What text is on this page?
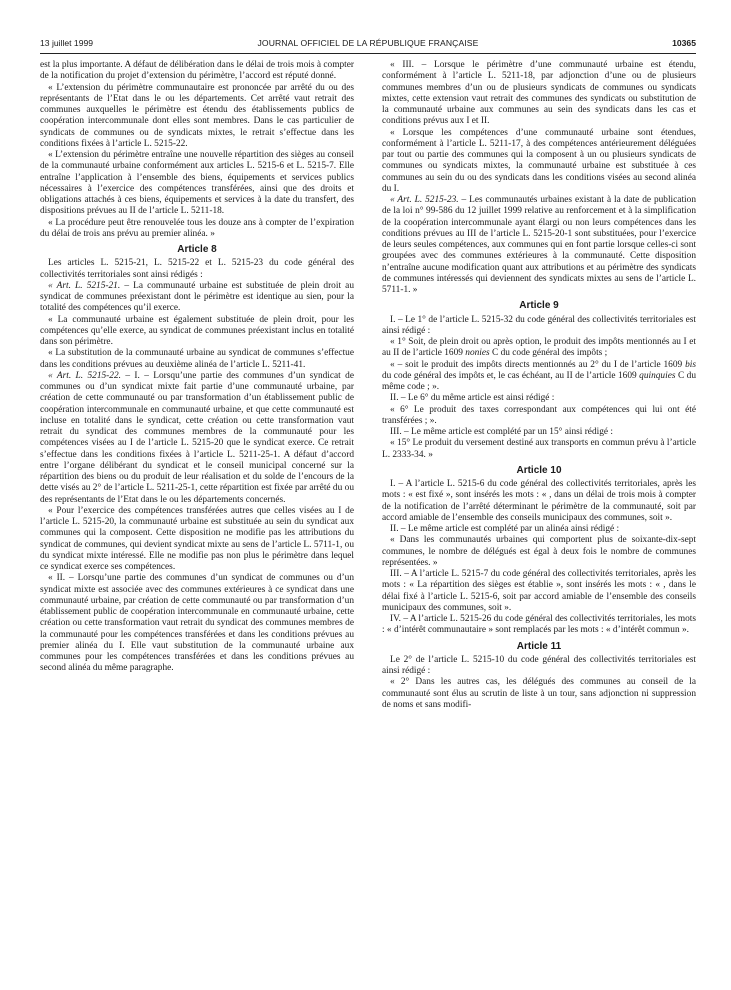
13 juillet 1999	JOURNAL OFFICIEL DE LA RÉPUBLIQUE FRANÇAISE	10365

est la plus importante. A défaut de délibération dans le délai de trois mois à compter de la notification du projet d’extension du périmètre, l’accord est réputé donné.

« L’extension du périmètre communautaire est prononcée par arrêté du ou des représentants de l’Etat dans le ou les départements. Cet arrêté vaut retrait des communes auxquelles le périmètre est étendu des établissements publics de coopération intercommunale dont elles sont membres. Dans le cas particulier de syndicats de communes ou de syndicats mixtes, le retrait s’effectue dans les conditions fixées à l’article L. 5215-22.

« L’extension du périmètre entraîne une nouvelle répartition des sièges au conseil de la communauté urbaine conformément aux articles L. 5215-6 et L. 5215-7. Elle entraîne l’application à l’ensemble des biens, équipements et services publics nécessaires à l’exercice des compétences transférées, ainsi que des droits et obligations attachés à ces biens, équipements et services à la date du transfert, des dispositions prévues au II de l’article L. 5211-18.

« La procédure peut être renouvelée tous les douze ans à compter de l’expiration du délai de trois ans prévu au premier alinéa. »

Article 8

Les articles L. 5215-21, L. 5215-22 et L. 5215-23 du code général des collectivités territoriales sont ainsi rédigés :

« Art. L. 5215-21. – La communauté urbaine est substituée de plein droit au syndicat de communes préexistant dont le périmètre est identique au sien, pour la totalité des compétences qu’il exerce.

« La communauté urbaine est également substituée de plein droit, pour les compétences qu’elle exerce, au syndicat de communes préexistant inclus en totalité dans son périmètre.

« La substitution de la communauté urbaine au syndicat de communes s’effectue dans les conditions prévues au deuxième alinéa de l’article L. 5211-41.

« Art. L. 5215-22. – I. – Lorsqu’une partie des communes d’un syndicat de communes ou d’un syndicat mixte fait partie d’une communauté urbaine, par création de cette communauté ou par transformation d’un établissement public de coopération intercommunale en communauté urbaine, et que cette communauté est incluse en totalité dans le syndicat, cette création ou cette transformation vaut retrait du syndicat des communes membres de la communauté pour les compétences visées au I de l’article L. 5215-20 que le syndicat exerce. Ce retrait s’effectue dans les conditions fixées à l’article L. 5211-25-1. A défaut d’accord entre l’organe délibérant du syndicat et le conseil municipal concerné sur la répartition des biens ou du produit de leur réalisation et du solde de l’encours de la dette visés au 2° de l’article L. 5211-25-1, cette répartition est fixée par arrêté du ou des représentants de l’Etat dans le ou les départements concernés.

« Pour l’exercice des compétences transférées autres que celles visées au I de l’article L. 5215-20, la communauté urbaine est substituée au sein du syndicat aux communes qui la composent. Cette disposition ne modifie pas les attributions du syndicat de communes, qui devient syndicat mixte au sens de l’article L. 5711-1, ou du syndicat mixte intéressé. Elle ne modifie pas non plus le périmètre dans lequel ce syndicat exerce ses compétences.

« II. – Lorsqu’une partie des communes d’un syndicat de communes ou d’un syndicat mixte est associée avec des communes extérieures à ce syndicat dans une communauté urbaine, par création de cette communauté ou par transformation d’un établissement public de coopération intercommunale en communauté urbaine, cette création ou cette transformation vaut retrait du syndicat des communes membres de la communauté pour les compétences transférées et dans les conditions prévues au premier alinéa du I. Elle vaut substitution de la communauté urbaine aux communes pour les compétences transférées et dans les conditions prévues au second alinéa du même paragraphe.

« III. – Lorsque le périmètre d’une communauté urbaine est étendu, conformément à l’article L. 5211-18, par adjonction d’une ou de plusieurs communes membres d’un ou de plusieurs syndicats de communes ou syndicats mixtes, cette extension vaut retrait des communes des syndicats ou substitution de la communauté urbaine aux communes au sein des syndicats dans les cas et conditions prévus aux I et II.

« Lorsque les compétences d’une communauté urbaine sont étendues, conformément à l’article L. 5211-17, à des compétences antérieurement déléguées par tout ou partie des communes qui la composent à un ou plusieurs syndicats de communes ou syndicats mixtes, la communauté urbaine est substituée à ces communes au sein du ou des syndicats dans les conditions visées au second alinéa du I.

« Art. L. 5215-23. – Les communautés urbaines existant à la date de publication de la loi n° 99-586 du 12 juillet 1999 relative au renforcement et à la simplification de la coopération intercommunale ayant élargi ou non leurs compétences dans les conditions prévues au III de l’article L. 5215-20-1 sont substituées, pour l’exercice de leurs seules compétences, aux communes qui en font partie lorsque celles-ci sont groupées avec des communes extérieures à la communauté. Cette disposition n’entraîne aucune modification quant aux attributions et au périmètre des syndicats de communes intéressés qui deviennent des syndicats mixtes au sens de l’article L. 5711-1. »

Article 9

I. – Le 1° de l’article L. 5215-32 du code général des collectivités territoriales est ainsi rédigé :

« 1° Soit, de plein droit ou après option, le produit des impôts mentionnés au I et au II de l’article 1609 nonies C du code général des impôts ;

« – soit le produit des impôts directs mentionnés au 2° du I de l’article 1609 bis du code général des impôts et, le cas échéant, au II de l’article 1609 quinquies C du même code ; ».

II. – Le 6° du même article est ainsi rédigé :

« 6° Le produit des taxes correspondant aux compétences qui lui ont été transférées ; ».

III. – Le même article est complété par un 15° ainsi rédigé :

« 15° Le produit du versement destiné aux transports en commun prévu à l’article L. 2333-34. »

Article 10

I. – A l’article L. 5215-6 du code général des collectivités territoriales, après les mots : « est fixé », sont insérés les mots : « , dans un délai de trois mois à compter de la notification de l’arrêté déterminant le périmètre de la communauté, soit par accord amiable de l’ensemble des conseils municipaux des communes, soit ».

II. – Le même article est complété par un alinéa ainsi rédigé :

« Dans les communautés urbaines qui comportent plus de soixante-dix-sept communes, le nombre de délégués est égal à deux fois le nombre de communes représentées. »

III. – A l’article L. 5215-7 du code général des collectivités territoriales, après les mots : « La répartition des sièges est établie », sont insérés les mots : « , dans le délai fixé à l’article L. 5215-6, soit par accord amiable de l’ensemble des conseils municipaux des communes, soit ».

IV. – A l’article L. 5215-26 du code général des collectivités territoriales, les mots : « d’intérêt communautaire » sont remplacés par les mots : « d’intérêt commun ».

Article 11

Le 2° de l’article L. 5215-10 du code général des collectivités territoriales est ainsi rédigé :

« 2° Dans les autres cas, les délégués des communes au conseil de la communauté sont élus au scrutin de liste à un tour, sans adjonction ni suppression de noms et sans modifi-
